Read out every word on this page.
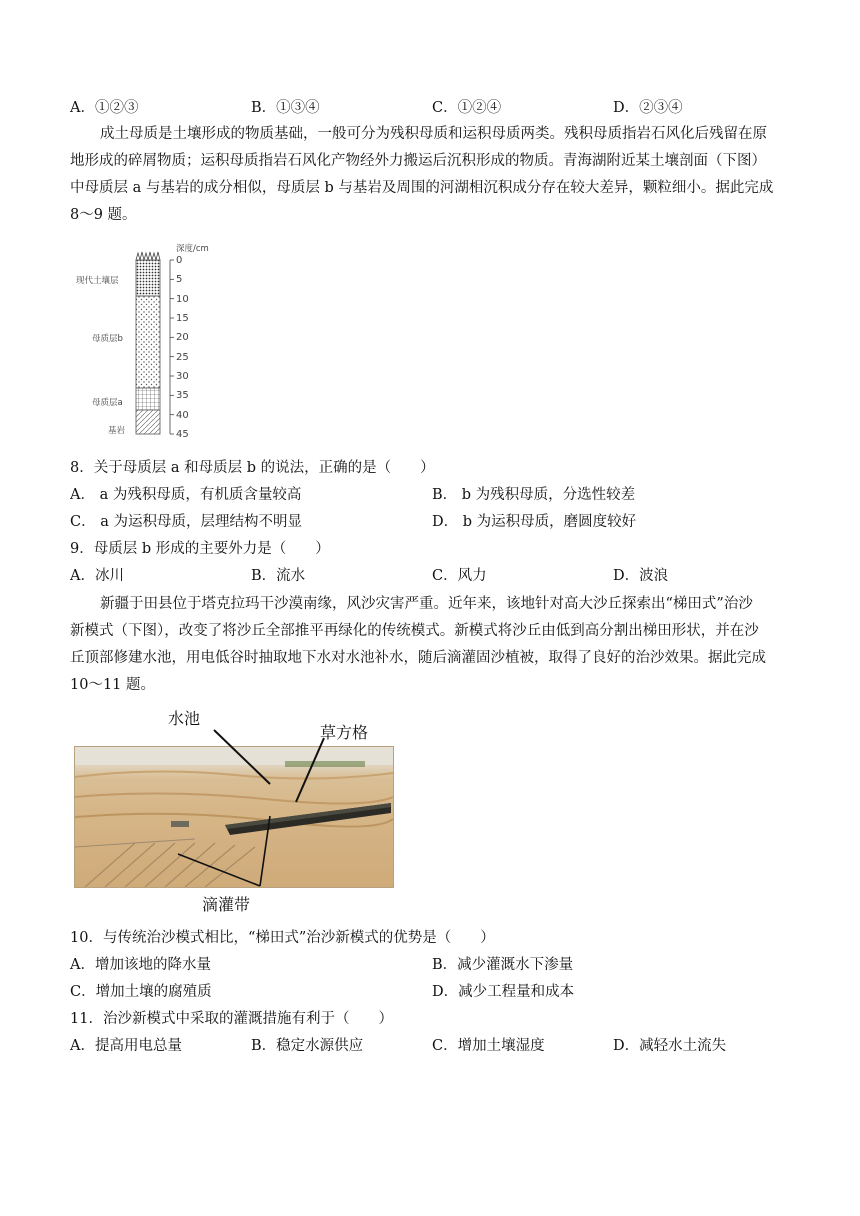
A．①②③	B．①③④	C．①②④	D．②③④
成土母质是土壤形成的物质基础，一般可分为残积母质和运积母质两类。残积母质指岩石风化后残留在原
地形成的碎屑物质；运积母质指岩石风化产物经外力搬运后沉积形成的物质。青海湖附近某土壤剖面（下图）
中母质层 a 与基岩的成分相似，母质层 b 与基岩及周围的河湖相沉积成分存在较大差异，颗粒细小。据此完成
8～9 题。
深度/cm
现代土壤层
母质层b
母质层a
基岩
0
5
10
15
20
25
30
35
40
45
8．关于母质层 a 和母质层 b 的说法，正确的是（　　）
A． a 为残积母质，有机质含量较高	B． b 为残积母质，分选性较差
C． a 为运积母质，层理结构不明显	D． b 为运积母质，磨圆度较好
9．母质层 b 形成的主要外力是（　　）
A．冰川	B．流水	C．风力	D．波浪
新疆于田县位于塔克拉玛干沙漠南缘，风沙灾害严重。近年来，该地针对高大沙丘探索出“梯田式”治沙
新模式（下图），改变了将沙丘全部推平再绿化的传统模式。新模式将沙丘由低到高分割出梯田形状，并在沙
丘顶部修建水池，用电低谷时抽取地下水对水池补水，随后滴灌固沙植被，取得了良好的治沙效果。据此完成
10～11 题。
水池
草方格
滴灌带
10．与传统治沙模式相比，“梯田式”治沙新模式的优势是（　　）
A．增加该地的降水量	B．减少灌溉水下渗量
C．增加土壤的腐殖质	D．减少工程量和成本
11．治沙新模式中采取的灌溉措施有利于（　　）
A．提高用电总量	B．稳定水源供应	C．增加土壤湿度	D．减轻水土流失
